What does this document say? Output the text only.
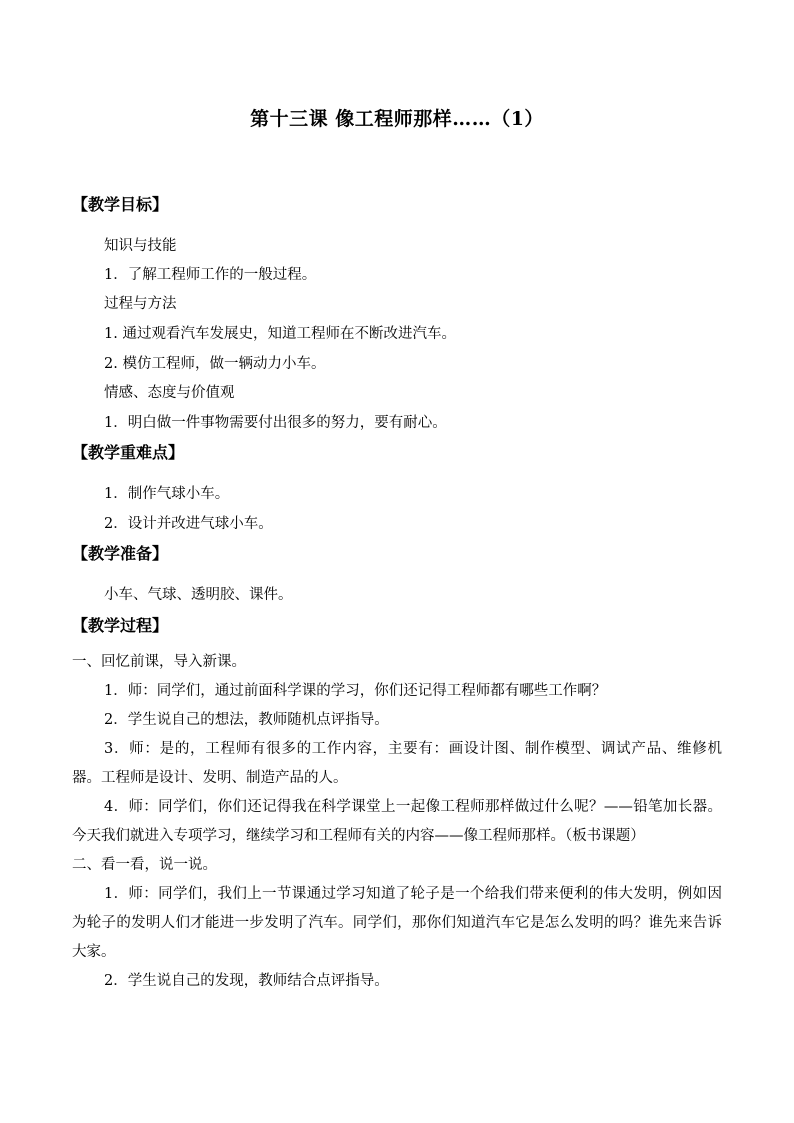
第十三课 像工程师那样……（1）
【教学目标】
知识与技能
1．了解工程师工作的一般过程。
过程与方法
1. 通过观看汽车发展史，知道工程师在不断改进汽车。
2. 模仿工程师，做一辆动力小车。
情感、态度与价值观
1．明白做一件事物需要付出很多的努力，要有耐心。
【教学重难点】
1．制作气球小车。
2．设计并改进气球小车。
【教学准备】
小车、气球、透明胶、课件。
【教学过程】

一、回忆前课，导入新课。

1．师：同学们，通过前面科学课的学习，你们还记得工程师都有哪些工作啊？

2．学生说自己的想法，教师随机点评指导。

3．师：是的，工程师有很多的工作内容，主要有：画设计图、制作模型、调试产品、维修机器。工程师是设计、发明、制造产品的人。

4．师：同学们，你们还记得我在科学课堂上一起像工程师那样做过什么呢？——铅笔加长器。今天我们就进入专项学习，继续学习和工程师有关的内容——像工程师那样。（板书课题）

二、看一看，说一说。

1．师：同学们，我们上一节课通过学习知道了轮子是一个给我们带来便利的伟大发明，例如因为轮子的发明人们才能进一步发明了汽车。同学们，那你们知道汽车它是怎么发明的吗？谁先来告诉大家。

2．学生说自己的发现，教师结合点评指导。
